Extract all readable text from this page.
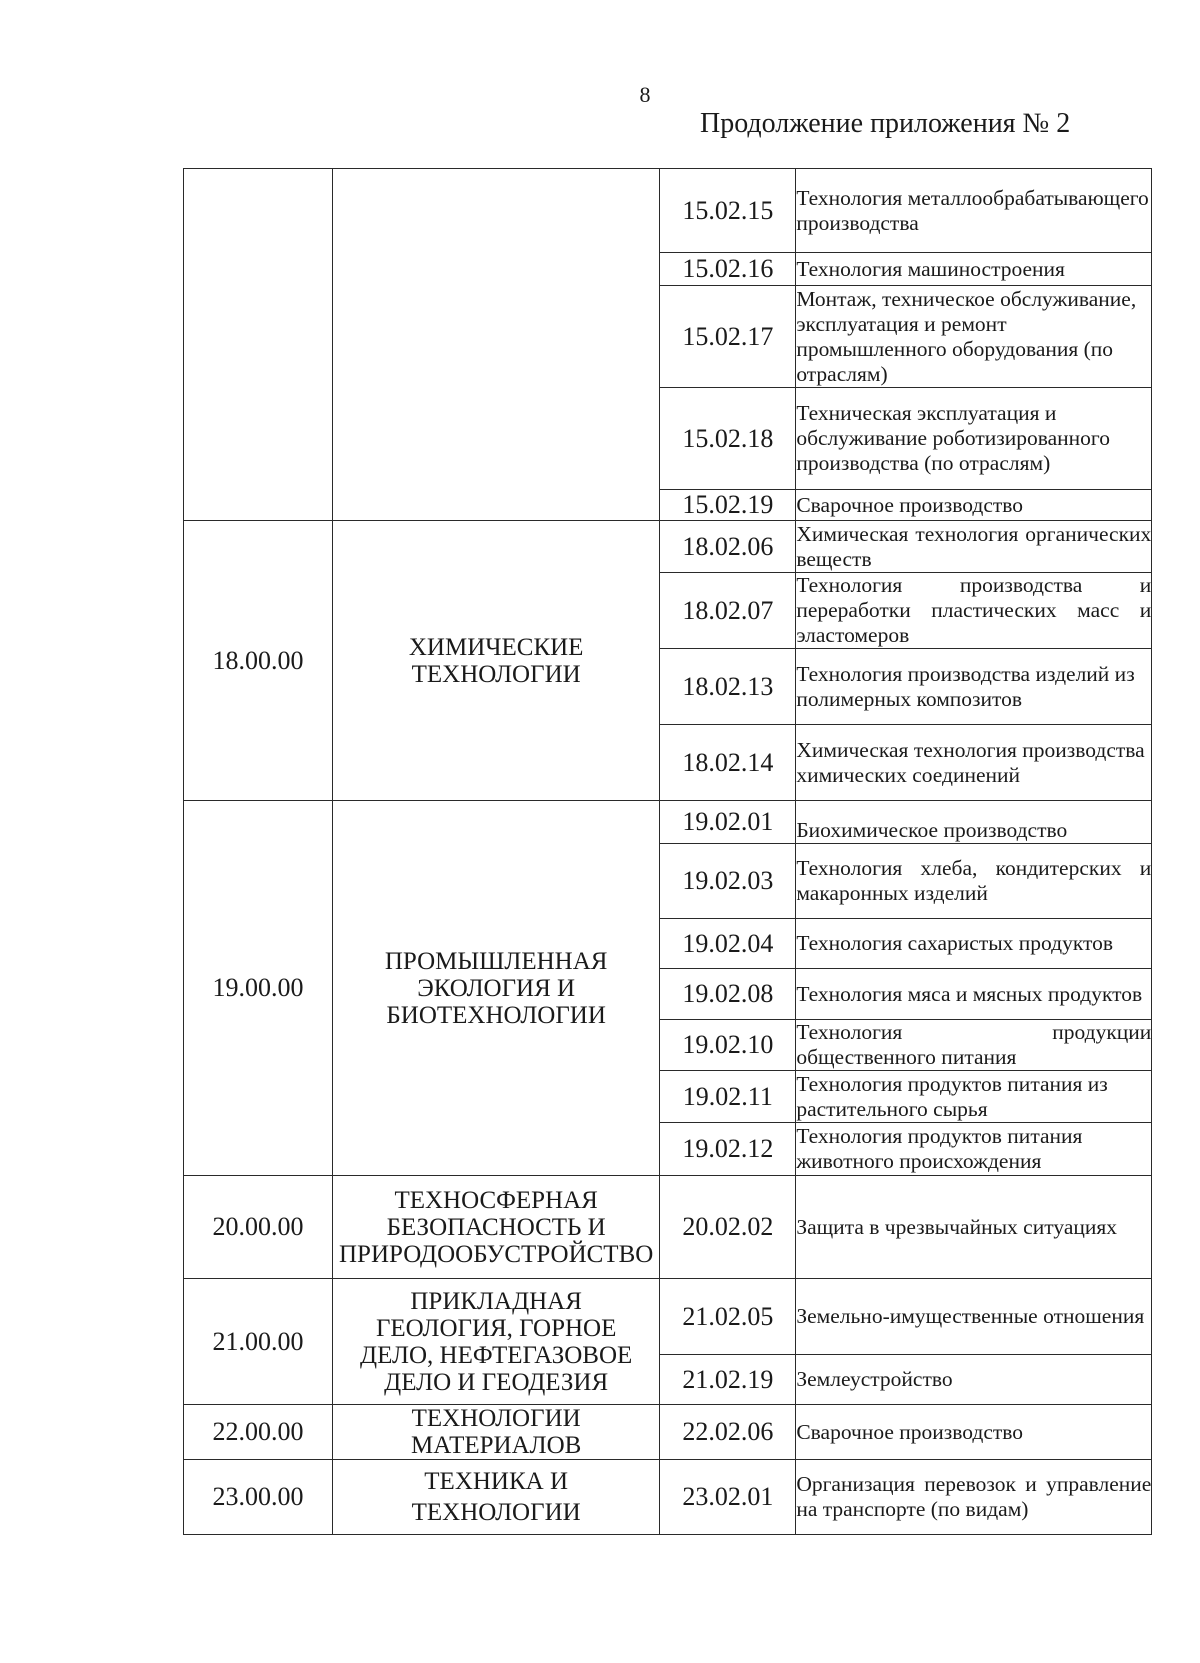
8
Продолжение приложения № 2
		15.02.15	Технология металлообрабатывающего производства
		15.02.16	Технология машиностроения
		15.02.17	Монтаж, техническое обслуживание, эксплуатация и ремонт промышленного оборудования (по отраслям)
		15.02.18	Техническая эксплуатация и обслуживание роботизированного производства (по отраслям)
		15.02.19	Сварочное производство
18.00.00	ХИМИЧЕСКИЕ ТЕХНОЛОГИИ	18.02.06	Химическая технология органических веществ
		18.02.07	Технология производства и переработки пластических масс и эластомеров
		18.02.13	Технология производства изделий из полимерных композитов
		18.02.14	Химическая технология производства химических соединений
19.00.00	ПРОМЫШЛЕННАЯ ЭКОЛОГИЯ И БИОТЕХНОЛОГИИ	19.02.01	Биохимическое производство
		19.02.03	Технология хлеба, кондитерских и макаронных изделий
		19.02.04	Технология сахаристых продуктов
		19.02.08	Технология мяса и мясных продуктов
		19.02.10	Технология продукции общественного питания
		19.02.11	Технология продуктов питания из растительного сырья
		19.02.12	Технология продуктов питания животного происхождения
20.00.00	ТЕХНОСФЕРНАЯ БЕЗОПАСНОСТЬ И ПРИРОДООБУСТРОЙСТВО	20.02.02	Защита в чрезвычайных ситуациях
21.00.00	ПРИКЛАДНАЯ ГЕОЛОГИЯ, ГОРНОЕ ДЕЛО, НЕФТЕГАЗОВОЕ ДЕЛО И ГЕОДЕЗИЯ	21.02.05	Земельно-имущественные отношения
		21.02.19	Землеустройство
22.00.00	ТЕХНОЛОГИИ МАТЕРИАЛОВ	22.02.06	Сварочное производство
23.00.00	ТЕХНИКА И ТЕХНОЛОГИИ	23.02.01	Организация перевозок и управление на транспорте (по видам)
